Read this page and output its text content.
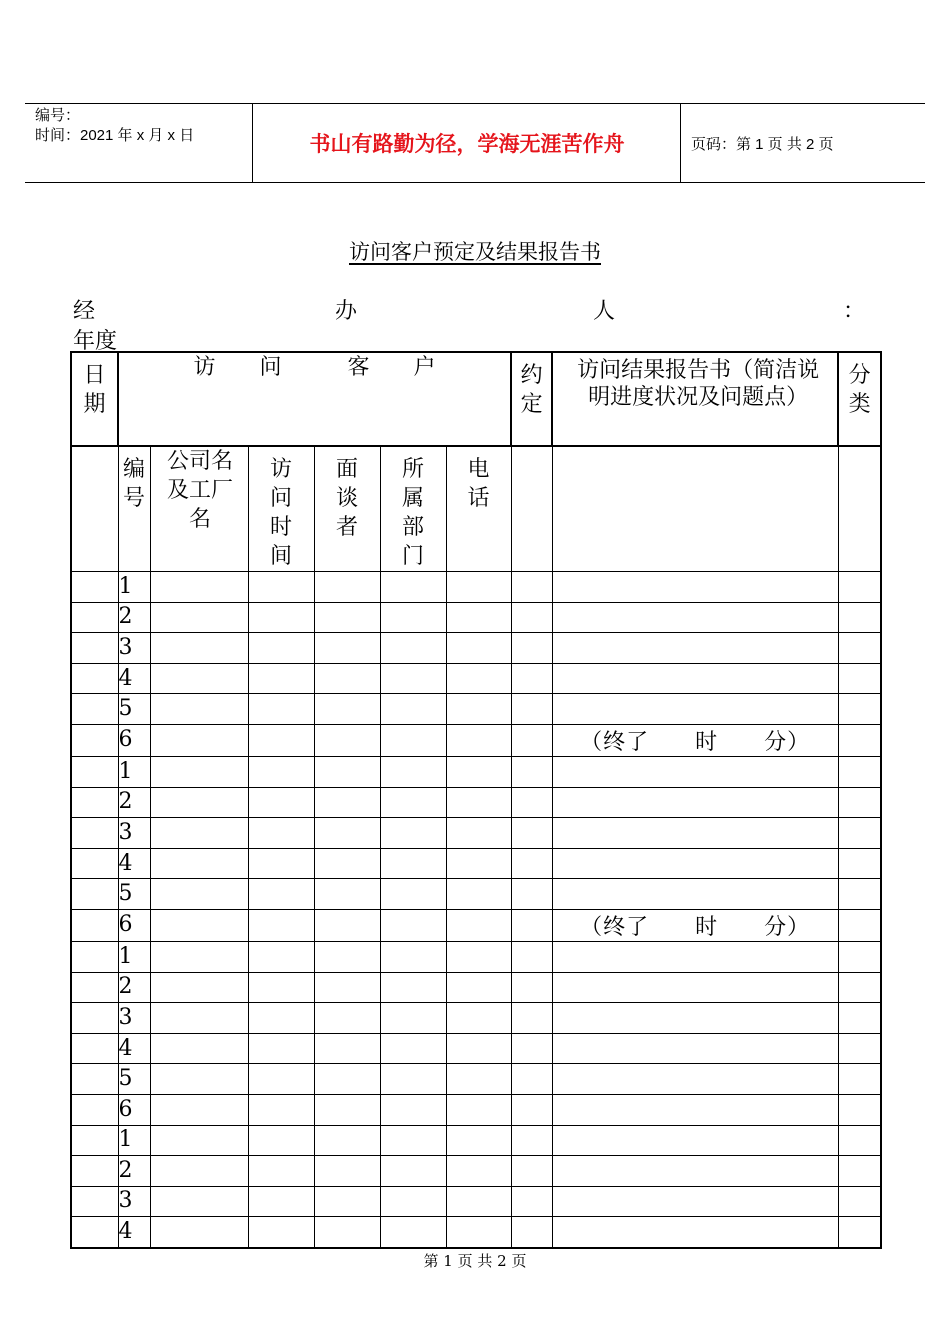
编号：
时间：2021 年 x 月 x 日	书山有路勤为径，学海无涯苦作舟	页码：第 1 页 共 2 页
访问客户预定及结果报告书
经	办	人	：
年度
日期	访　　问　　　客　　户						约定	访问结果报告书（简洁说明进度状况及问题点）	分类

	编号	公司名及工厂名	访问时间	面谈者	所属部门	电话			

	1								
	2								
	3								
	4								
	5								
	6							（终了　　时　　分）	
	1								
	2								
	3								
	4								
	5								
	6							（终了　　时　　分）	
	1								
	2								
	3								
	4								
	5								
	6								
	1								
	2								
	3								
	4								
第 1 页 共 2 页
